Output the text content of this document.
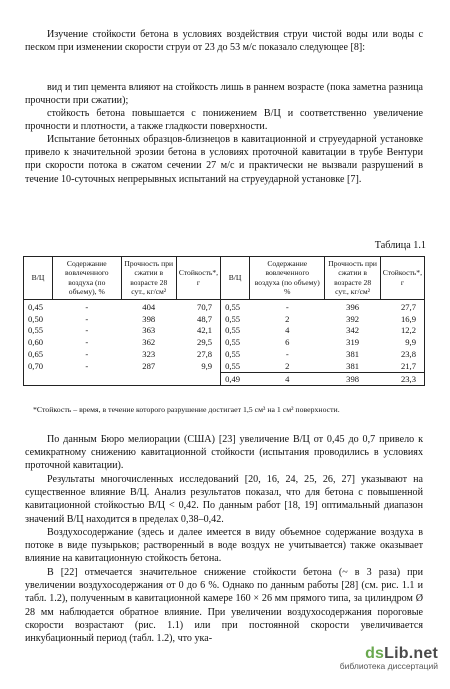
Изучение стойкости бетона в условиях воздействия струи чистой воды или воды с песком при изменении скорости струи от 23 до 53 м/с показало следующее [8]:

вид и тип цемента влияют на стойкость лишь в раннем возрасте (пока заметна разница прочности при сжатии);

стойкость бетона повышается с понижением В/Ц и соответственно увеличение прочности и плотности, а также гладкости поверхности.

Испытание бетонных образцов-близнецов в кавитационной и струеударной установке привело к значительной эрозии бетона в условиях проточной кавитации в трубе Вентури при скорости потока в сжатом сечении 27 м/с и практически не вызвали разрушений в течение 10-суточных непрерывных испытаний на струеударной установке [7].

Таблица 1.1
В/Ц	Содержание вовлеченного воздуха (по объему), %	Прочность при сжатии в возрасте 28 сут., кг/см²	Стойкость*, г	В/Ц	Содержание вовлеченного воздуха (по объему) %	Прочность при сжатии в возрасте 28 сут., кг/см²	Стойкость*, г
0,45	-	404	70,7	0,55	-	396	27,7
0,50	-	398	48,7	0,55	2	392	16,9
0,55	-	363	42,1	0,55	4	342	12,2
0,60	-	362	29,5	0,55	6	319	9,9
0,65	-	323	27,8	0,55	-	381	23,8
0,70	-	287	9,9	0,55	2	381	21,7
				0,49	4	398	23,3
*Стойкость – время, в течение которого разрушение достигает 1,5 см³ на 1 см² поверхности.

По данным Бюро мелиорации (США) [23] увеличение В/Ц от 0,45 до 0,7 привело к семикратному снижению кавитационной стойкости (испытания проводились в условиях проточной кавитации).

Результаты многочисленных исследований [20, 16, 24, 25, 26, 27] указывают на существенное влияние В/Ц. Анализ результатов показал, что для бетона с повышенной кавитационной стойкостью В/Ц < 0,42. По данным работ [18, 19] оптимальный диапазон значений В/Ц находится в пределах 0,38–0,42.

Воздухосодержание (здесь и далее имеется в виду объемное содержание воздуха в потоке в виде пузырьков; растворенный в воде воздух не учитывается) также оказывает влияние на кавитационную стойкость бетона.

В [22] отмечается значительное снижение стойкости бетона (~ в 3 раза) при увеличении воздухосодержания от 0 до 6 %. Однако по данным работы [28] (см. рис. 1.1 и табл. 1.2), полученным в кавитационной камере 160 × 26 мм прямого типа, за цилиндром Ø 28 мм наблюдается обратное влияние. При увеличении воздухосодержания пороговые скорости возрастают (рис. 1.1) или при постоянной скорости увеличивается инкубационный период (табл. 1.2), что ука-

dsLib.net
библиотека диссертаций
